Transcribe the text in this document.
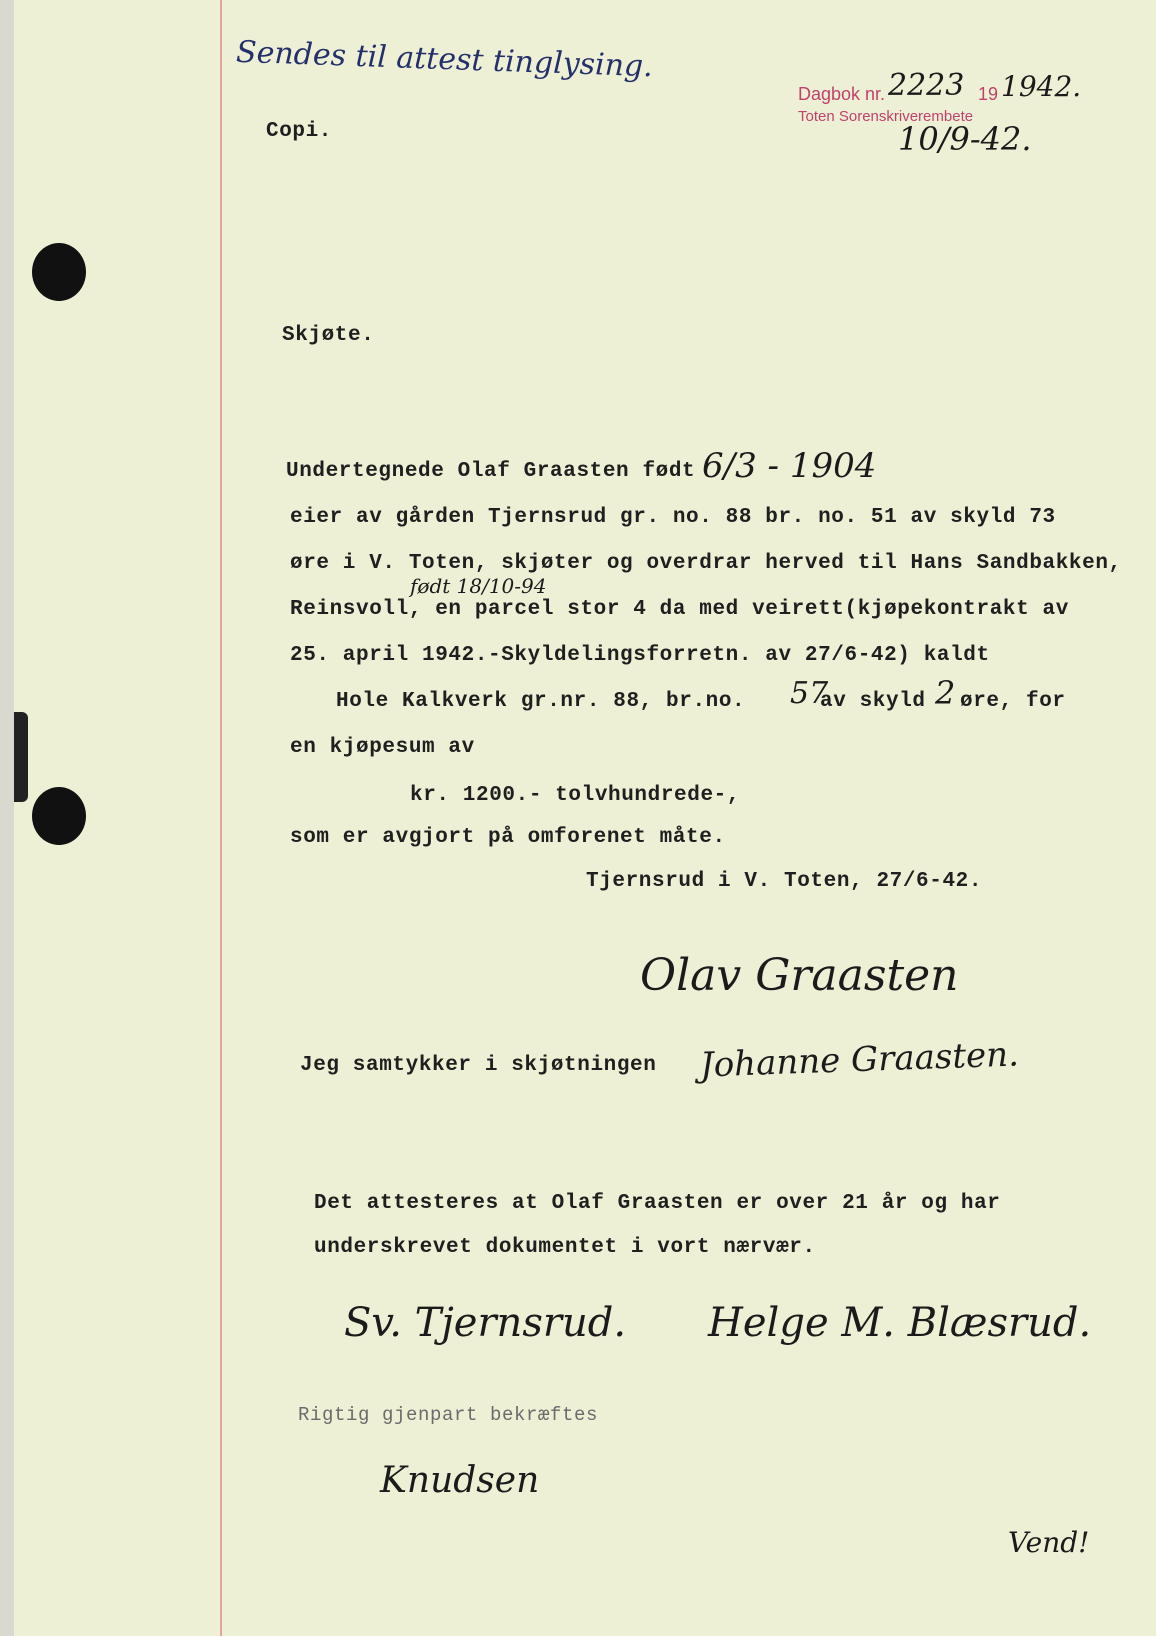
Sendes til attest tinglysing.
Copi.
Dagbok nr. 2223 19 1942.
Toten Sorenskriverembete
10/9-42.
Skjøte.
Undertegnede Olaf Graasten født 6/3 - 1904
eier av gården Tjernsrud gr. no. 88 br. no. 51 av skyld 73
øre i V. Toten, skjøter og overdrar herved til Hans Sandbakken,
født 18/10-94
Reinsvoll, en parcel stor 4 da med veirett(kjøpekontrakt av
25. april 1942.-Skyldelingsforretn. av 27/6-42) kaldt
Hole Kalkverk gr.nr. 88, br.no. 57
av skyld 2 øre, for
en kjøpesum av
kr. 1200.- tolvhundrede-,
som er avgjort på omforenet måte.
Tjernsrud i V. Toten, 27/6-42.
Olav Graasten
Jeg samtykker i skjøtningen Johanne Graasten.
Det attesteres at Olaf Graasten er over 21 år og har
underskrevet dokumentet i vort nærvær.
Sv. Tjernsrud. Helge M. Blæsrud.
Rigtig gjenpart bekræftes
Knudsen
Vend!
